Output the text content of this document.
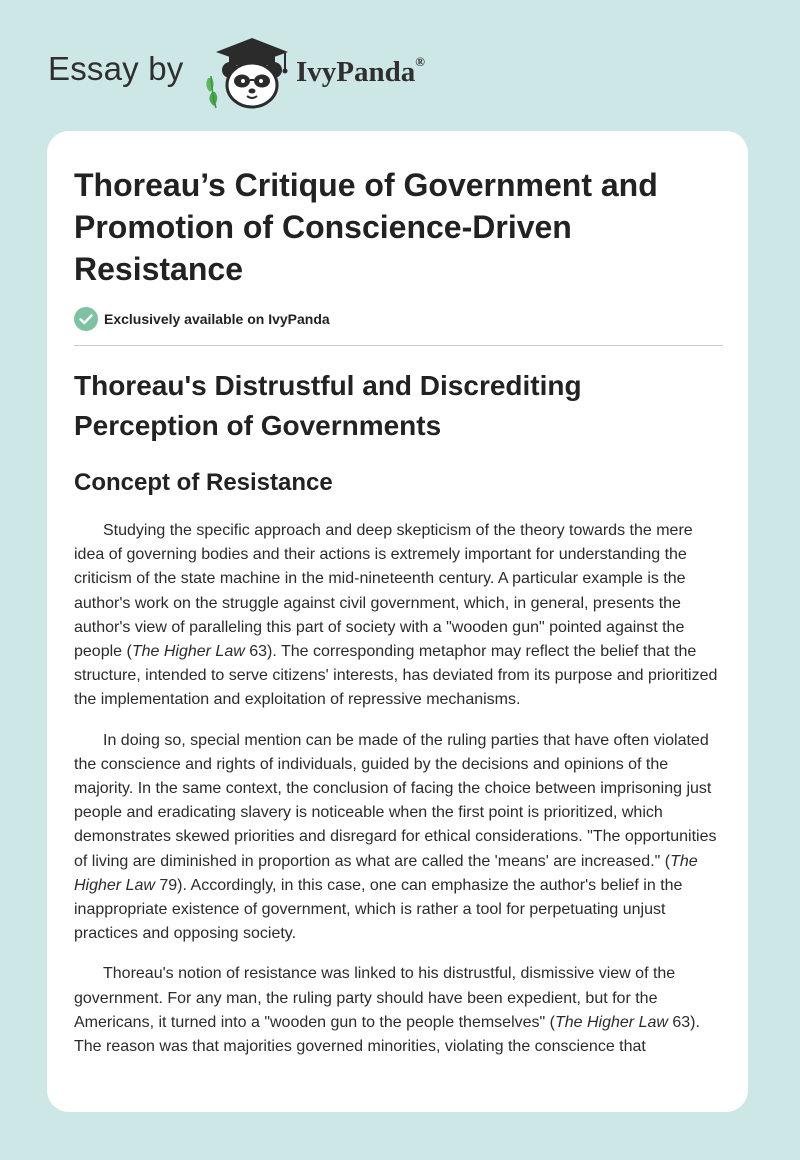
Essay by	IvyPanda®
Thoreau’s Critique of Government and Promotion of Conscience-Driven Resistance
Exclusively available on IvyPanda
Thoreau's Distrustful and Discrediting Perception of Governments
Concept of Resistance

Studying the specific approach and deep skepticism of the theory towards the mere idea of governing bodies and their actions is extremely important for understanding the criticism of the state machine in the mid-nineteenth century. A particular example is the author's work on the struggle against civil government, which, in general, presents the author's view of paralleling this part of society with a "wooden gun" pointed against the people (The Higher Law 63). The corresponding metaphor may reflect the belief that the structure, intended to serve citizens' interests, has deviated from its purpose and prioritized the implementation and exploitation of repressive mechanisms.

In doing so, special mention can be made of the ruling parties that have often violated the conscience and rights of individuals, guided by the decisions and opinions of the majority. In the same context, the conclusion of facing the choice between imprisoning just people and eradicating slavery is noticeable when the first point is prioritized, which demonstrates skewed priorities and disregard for ethical considerations. "The opportunities of living are diminished in proportion as what are called the 'means' are increased." (The Higher Law 79). Accordingly, in this case, one can emphasize the author's belief in the inappropriate existence of government, which is rather a tool for perpetuating unjust practices and opposing society.

Thoreau's notion of resistance was linked to his distrustful, dismissive view of the government. For any man, the ruling party should have been expedient, but for the Americans, it turned into a "wooden gun to the people themselves" (The Higher Law 63). The reason was that majorities governed minorities, violating the conscience that
